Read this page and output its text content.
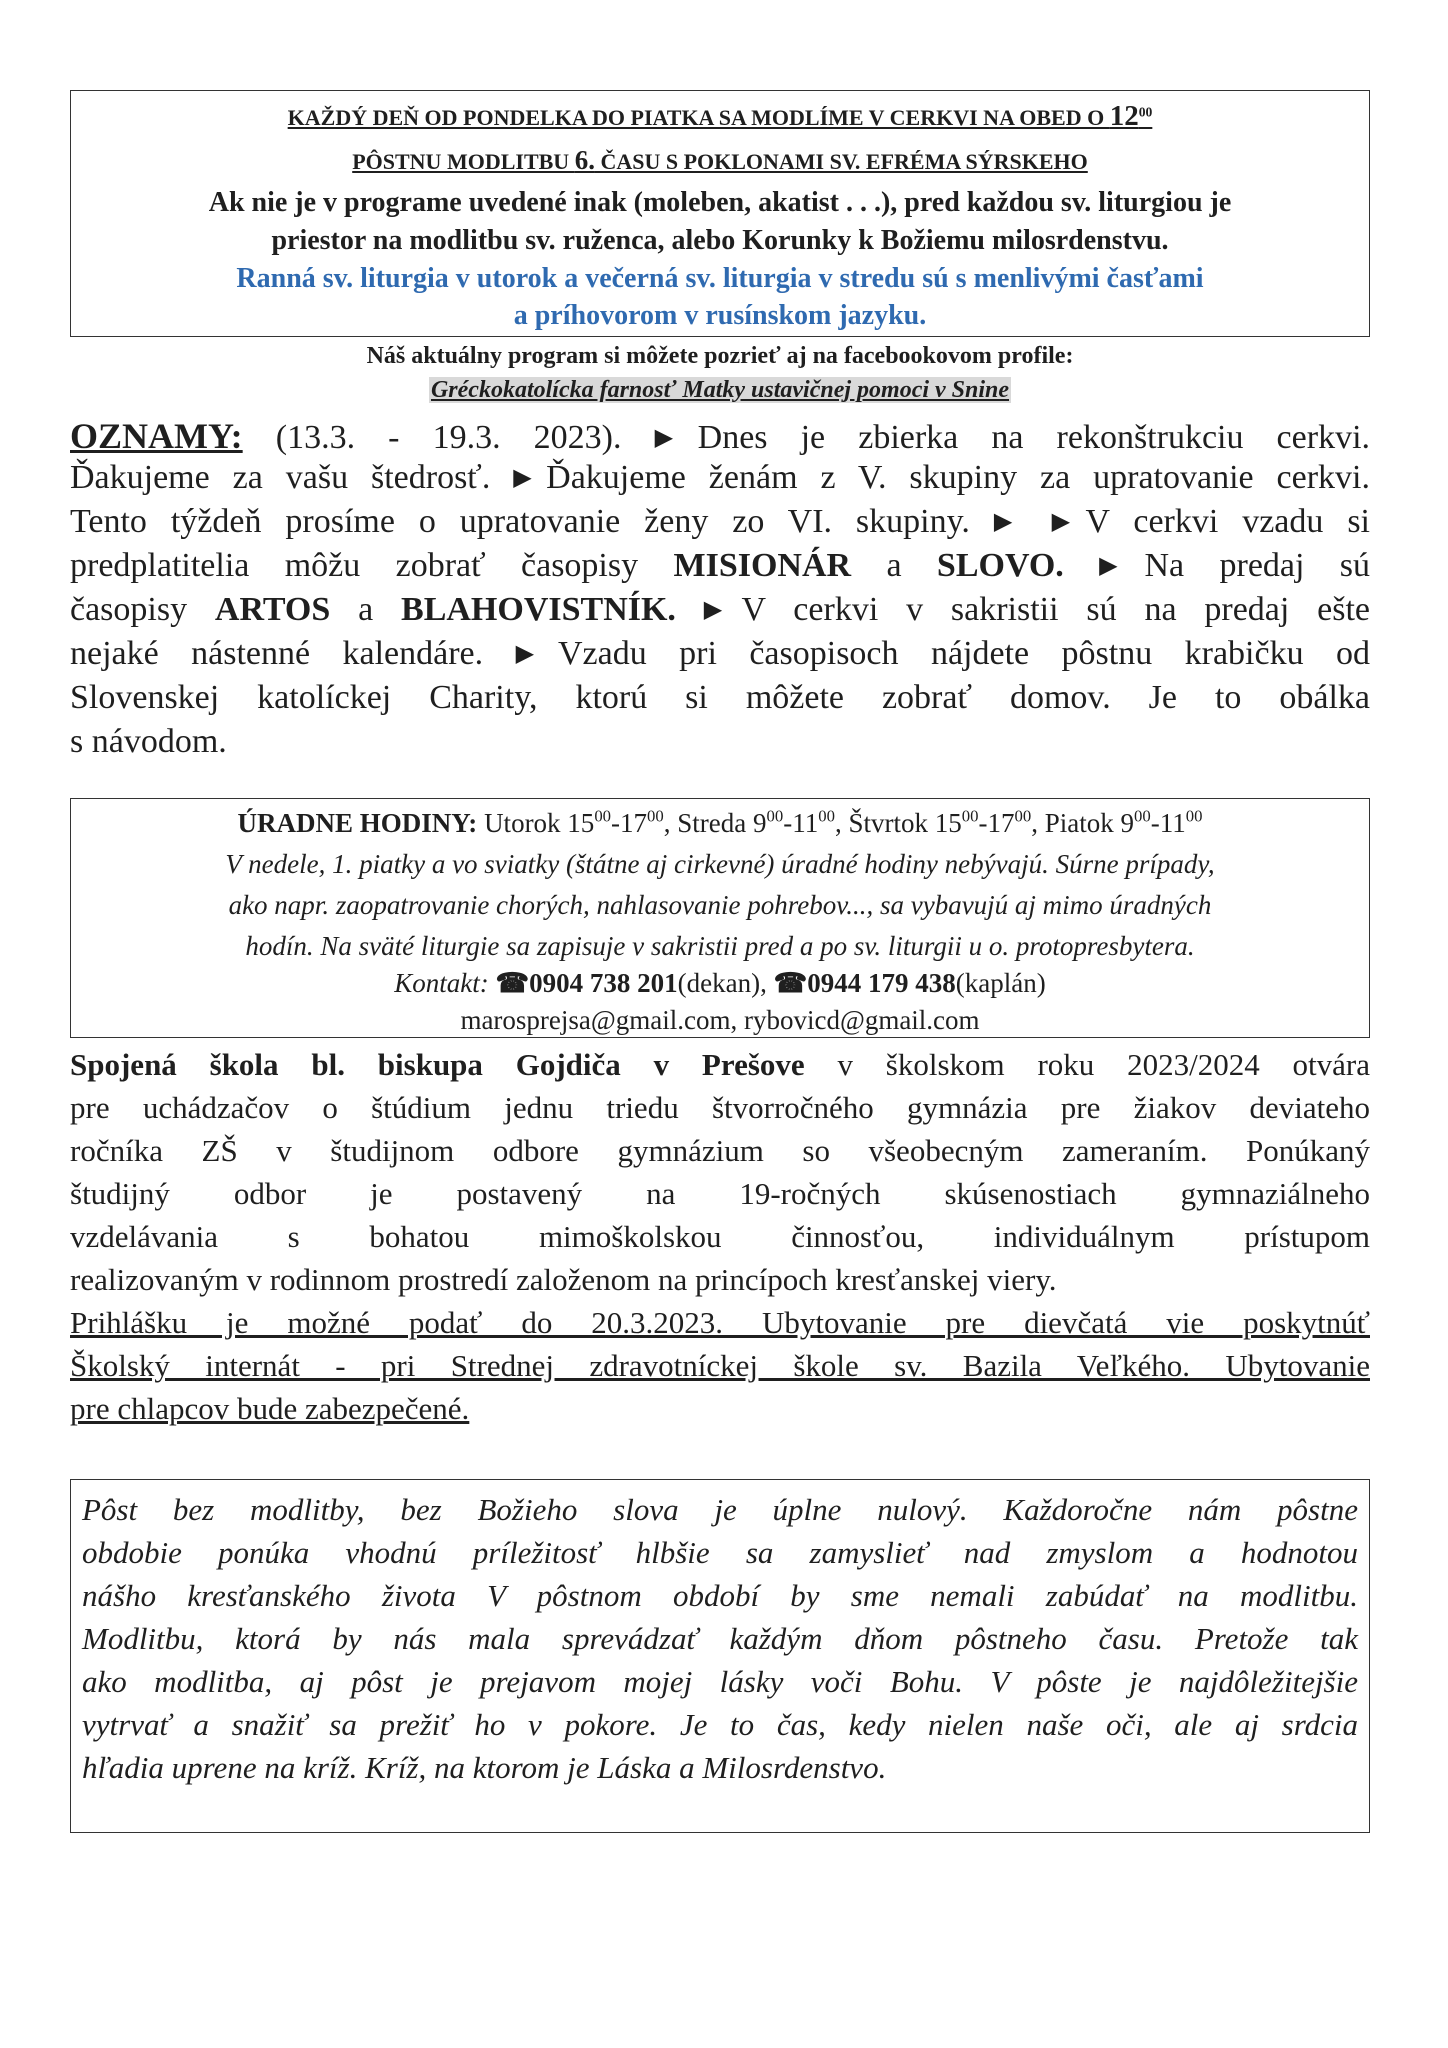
KAŽDÝ DEŇ OD PONDELKA DO PIATKA SA MODLÍME V CERKVI NA OBED O $12^{00}$
PÔSTNU MODLITBU 6. ČASU S POKLONAMI SV. EFRÉMA SÝRSKEHO
Ak nie je v programe uvedené inak (moleben, akatist . . .), pred každou sv. liturgiou je
priestor na modlitbu sv. ruženca, alebo Korunky k Božiemu milosrdenstvu.
Ranná sv. liturgia v utorok a večerná sv. liturgia v stredu sú s menlivými časťami
a príhovorom v rusínskom jazyku.
Náš aktuálny program si môžete pozrieť aj na facebookovom profile:
Gréckokatolícka farnosť Matky ustavičnej pomoci v Snine
OZNAMY: (13.3. - 19.3. 2023). ▶Dnes je zbierka na rekonštrukciu cerkvi.
Ďakujeme za vašu štedrosť. ▶Ďakujeme ženám z V. skupiny za upratovanie cerkvi.
Tento týždeň prosíme o upratovanie ženy zo VI. skupiny. ▶ ▶V cerkvi vzadu si
predplatitelia môžu zobrať časopisy MISIONÁR a SLOVO. ▶Na predaj sú
časopisy ARTOS a BLAHOVISTNÍK. ▶V cerkvi v sakristii sú na predaj ešte
nejaké nástenné kalendáre. ▶Vzadu pri časopisoch nájdete pôstnu krabičku od
Slovenskej katolíckej Charity, ktorú si môžete zobrať domov. Je to obálka
s návodom.
ÚRADNE HODINY: Utorok $15^{00}-17^{00}$, Streda $9^{00}-11^{00}$, Štvrtok $15^{00}-17^{00}$, Piatok $9^{00}-11^{00}$
V nedele, 1. piatky a vo sviatky (štátne aj cirkevné) úradné hodiny nebývajú. Súrne prípady,
ako napr. zaopatrovanie chorých, nahlasovanie pohrebov..., sa vybavujú aj mimo úradných
hodín. Na sväté liturgie sa zapisuje v sakristii pred a po sv. liturgii u o. protopresbytera.
Kontakt: ☎0904 738 201(dekan), ☎0944 179 438(kaplán)
marosprejsa@gmail.com, rybovicd@gmail.com
Spojená škola bl. biskupa Gojdiča v Prešove v školskom roku 2023/2024 otvára
pre uchádzačov o štúdium jednu triedu štvorročného gymnázia pre žiakov deviateho
ročníka ZŠ v študijnom odbore gymnázium so všeobecným zameraním. Ponúkaný
študijný odbor je postavený na 19-ročných skúsenostiach gymnaziálneho
vzdelávania s bohatou mimoškolskou činnosťou, individuálnym prístupom
realizovaným v rodinnom prostredí založenom na princípoch kresťanskej viery.
Prihlášku je možné podať do 20.3.2023. Ubytovanie pre dievčatá vie poskytnúť
Školský internát - pri Strednej zdravotníckej škole sv. Bazila Veľkého. Ubytovanie
pre chlapcov bude zabezpečené.
Pôst bez modlitby, bez Božieho slova je úplne nulový. Každoročne nám pôstne
obdobie ponúka vhodnú príležitosť hlbšie sa zamyslieť nad zmyslom a hodnotou
nášho kresťanského života V pôstnom období by sme nemali zabúdať na modlitbu.
Modlitbu, ktorá by nás mala sprevádzať každým dňom pôstneho času. Pretože tak
ako modlitba, aj pôst je prejavom mojej lásky voči Bohu. V pôste je najdôležitejšie
vytrvať a snažiť sa prežiť ho v pokore. Je to čas, kedy nielen naše oči, ale aj srdcia
hľadia uprene na kríž. Kríž, na ktorom je Láska a Milosrdenstvo.
